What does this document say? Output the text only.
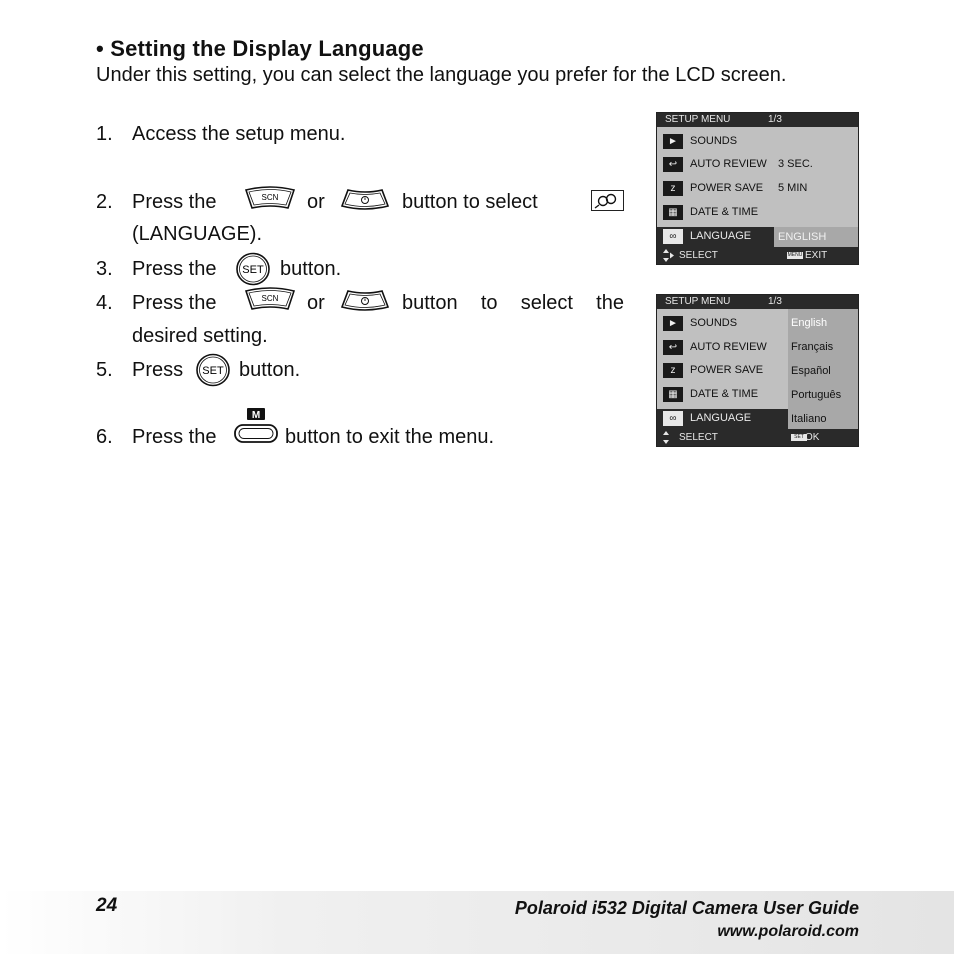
• Setting the Display Language
Under this setting, you can select the language you prefer for the LCD screen.
1. Access the setup menu.
2. Press the	or	button to select
(LANGUAGE).
SCN
3. Press the SET button.
4. Press the	SCN or	button to select the
desired setting.
5. Press SET button.
6. Press the
M
button to exit the menu.
SETUP MENU	1/3
►	SOUNDS
↩	AUTO REVIEW 3 SEC.
z	POWER SAVE 5 MIN
▦	DATE & TIME
∞	LANGUAGE	ENGLISH
SELECT	MENU EXIT
SETUP MENU	1/3
►	SOUNDS
↩	AUTO REVIEW
z	POWER SAVE
▦	DATE & TIME
∞	LANGUAGE
English
Français
Español
Português
Italiano
SELECT	SET OK
24	Polaroid i532 Digital Camera User Guide
www.polaroid.com
